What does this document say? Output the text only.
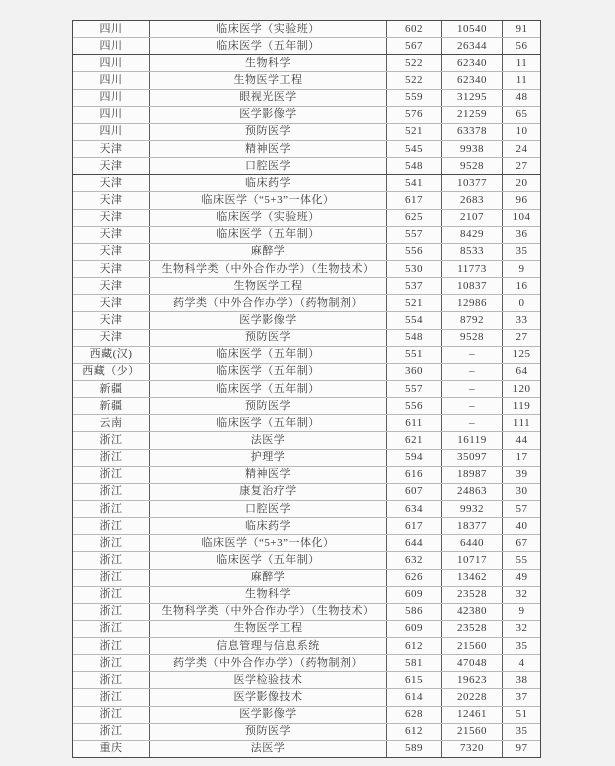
四川	临床医学（实验班）	602	10540	91
四川	临床医学（五年制）	567	26344	56
四川	生物科学	522	62340	11
四川	生物医学工程	522	62340	11
四川	眼视光医学	559	31295	48
四川	医学影像学	576	21259	65
四川	预防医学	521	63378	10
天津	精神医学	545	9938	24
天津	口腔医学	548	9528	27
天津	临床药学	541	10377	20
天津	临床医学（“5+3”一体化）	617	2683	96
天津	临床医学（实验班）	625	2107	104
天津	临床医学（五年制）	557	8429	36
天津	麻醉学	556	8533	35
天津	生物科学类（中外合作办学）（生物技术）	530	11773	9
天津	生物医学工程	537	10837	16
天津	药学类（中外合作办学）（药物制剂）	521	12986	0
天津	医学影像学	554	8792	33
天津	预防医学	548	9528	27
西藏(汉)	临床医学（五年制）	551	–	125
西藏（少）	临床医学（五年制）	360	–	64
新疆	临床医学（五年制）	557	–	120
新疆	预防医学	556	–	119
云南	临床医学（五年制）	611	–	111
浙江	法医学	621	16119	44
浙江	护理学	594	35097	17
浙江	精神医学	616	18987	39
浙江	康复治疗学	607	24863	30
浙江	口腔医学	634	9932	57
浙江	临床药学	617	18377	40
浙江	临床医学（“5+3”一体化）	644	6440	67
浙江	临床医学（五年制）	632	10717	55
浙江	麻醉学	626	13462	49
浙江	生物科学	609	23528	32
浙江	生物科学类（中外合作办学）（生物技术）	586	42380	9
浙江	生物医学工程	609	23528	32
浙江	信息管理与信息系统	612	21560	35
浙江	药学类（中外合作办学）（药物制剂）	581	47048	4
浙江	医学检验技术	615	19623	38
浙江	医学影像技术	614	20228	37
浙江	医学影像学	628	12461	51
浙江	预防医学	612	21560	35
重庆	法医学	589	7320	97
